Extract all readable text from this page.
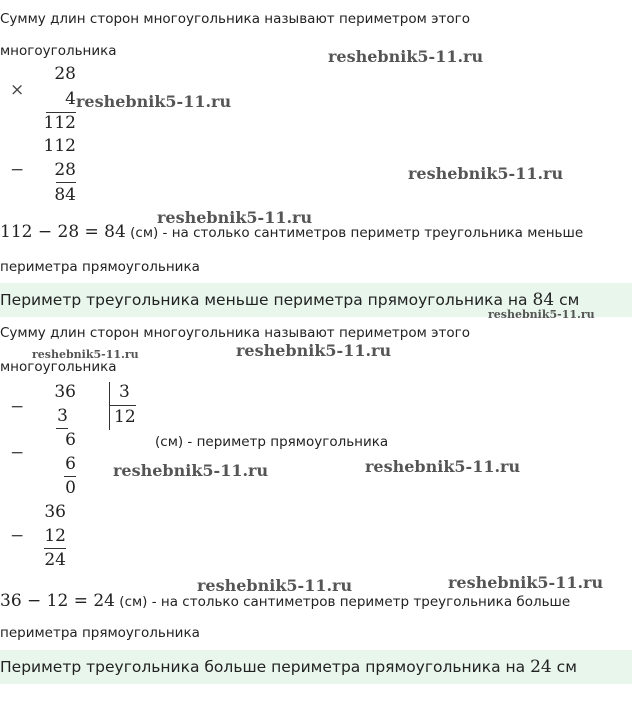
Сумму длин сторон многоугольника называют периметром этого
многоугольника
×
28
4
112
−
112
28
84
112 − 28 = 84 (см) - на столько сантиметров периметр треугольника меньше
периметра прямоугольника
Периметр треугольника меньше периметра прямоугольника на 84 см
Сумму длин сторон многоугольника называют периметром этого
многоугольника
−
36
3
3
12
−
6
6
0
(см) - периметр прямоугольника
−
36
12
24
36 − 12 = 24 (см) - на столько сантиметров периметр треугольника больше
периметра прямоугольника
Периметр треугольника больше периметра прямоугольника на 24 см
reshebnik5-11.ru
reshebnik5-11.ru
reshebnik5-11.ru
reshebnik5-11.ru
reshebnik5-11.ru
reshebnik5-11.ru	reshebnik5-11.ru
reshebnik5-11.ru	reshebnik5-11.ru
reshebnik5-11.ru	reshebnik5-11.ru
